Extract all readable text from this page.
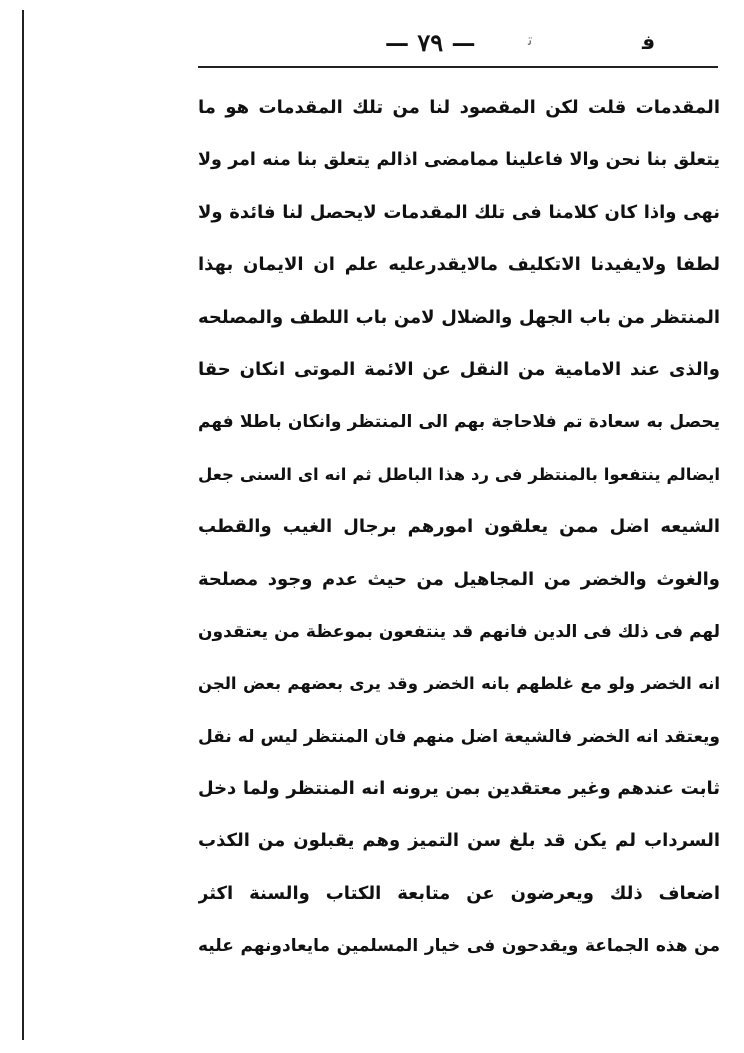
— ٧٩ —	ﺗ	ﻓ
المقدمات قلت لكن المقصود لنا من تلك المقدمات هو ما
يتعلق بنا نحن والا فاعلينا ممامضى اذالم يتعلق بنا منه امر ولا
نهى واذا كان كلامنا فى تلك المقدمات لايحصل لنا فائدة ولا
لطفا ولايفيدنا الاتكليف مالايقدرعليه علم ان الايمان بهذا
المنتظر من باب الجهل والضلال لامن باب اللطف والمصلحه
والذى عند الامامية من النقل عن الائمة الموتى انكان حقا
يحصل به سعادة تم فلاحاجة بهم الى المنتظر وانكان باطلا فهم
ايضالم ينتفعوا بالمنتظر فى رد هذا الباطل ثم انه اى السنى جعل
الشيعه اضل ممن يعلقون امورهم برجال الغيب والقطب
والغوث والخضر من المجاهيل من حيث عدم وجود مصلحة
لهم فى ذلك فى الدين فانهم قد ينتفعون بموعظة من يعتقدون
انه الخضر ولو مع غلطهم بانه الخضر وقد يرى بعضهم بعض الجن
ويعتقد انه الخضر فالشيعة اضل منهم فان المنتظر ليس له نقل
ثابت عندهم وغير معتقدين بمن يرونه انه المنتظر ولما دخل
السرداب لم يكن قد بلغ سن التميز وهم يقبلون من الكذب
اضعاف ذلك ويعرضون عن متابعة الكتاب والسنة اكثر
من هذه الجماعة ويقدحون فى خيار المسلمين مايعادونهم عليه
